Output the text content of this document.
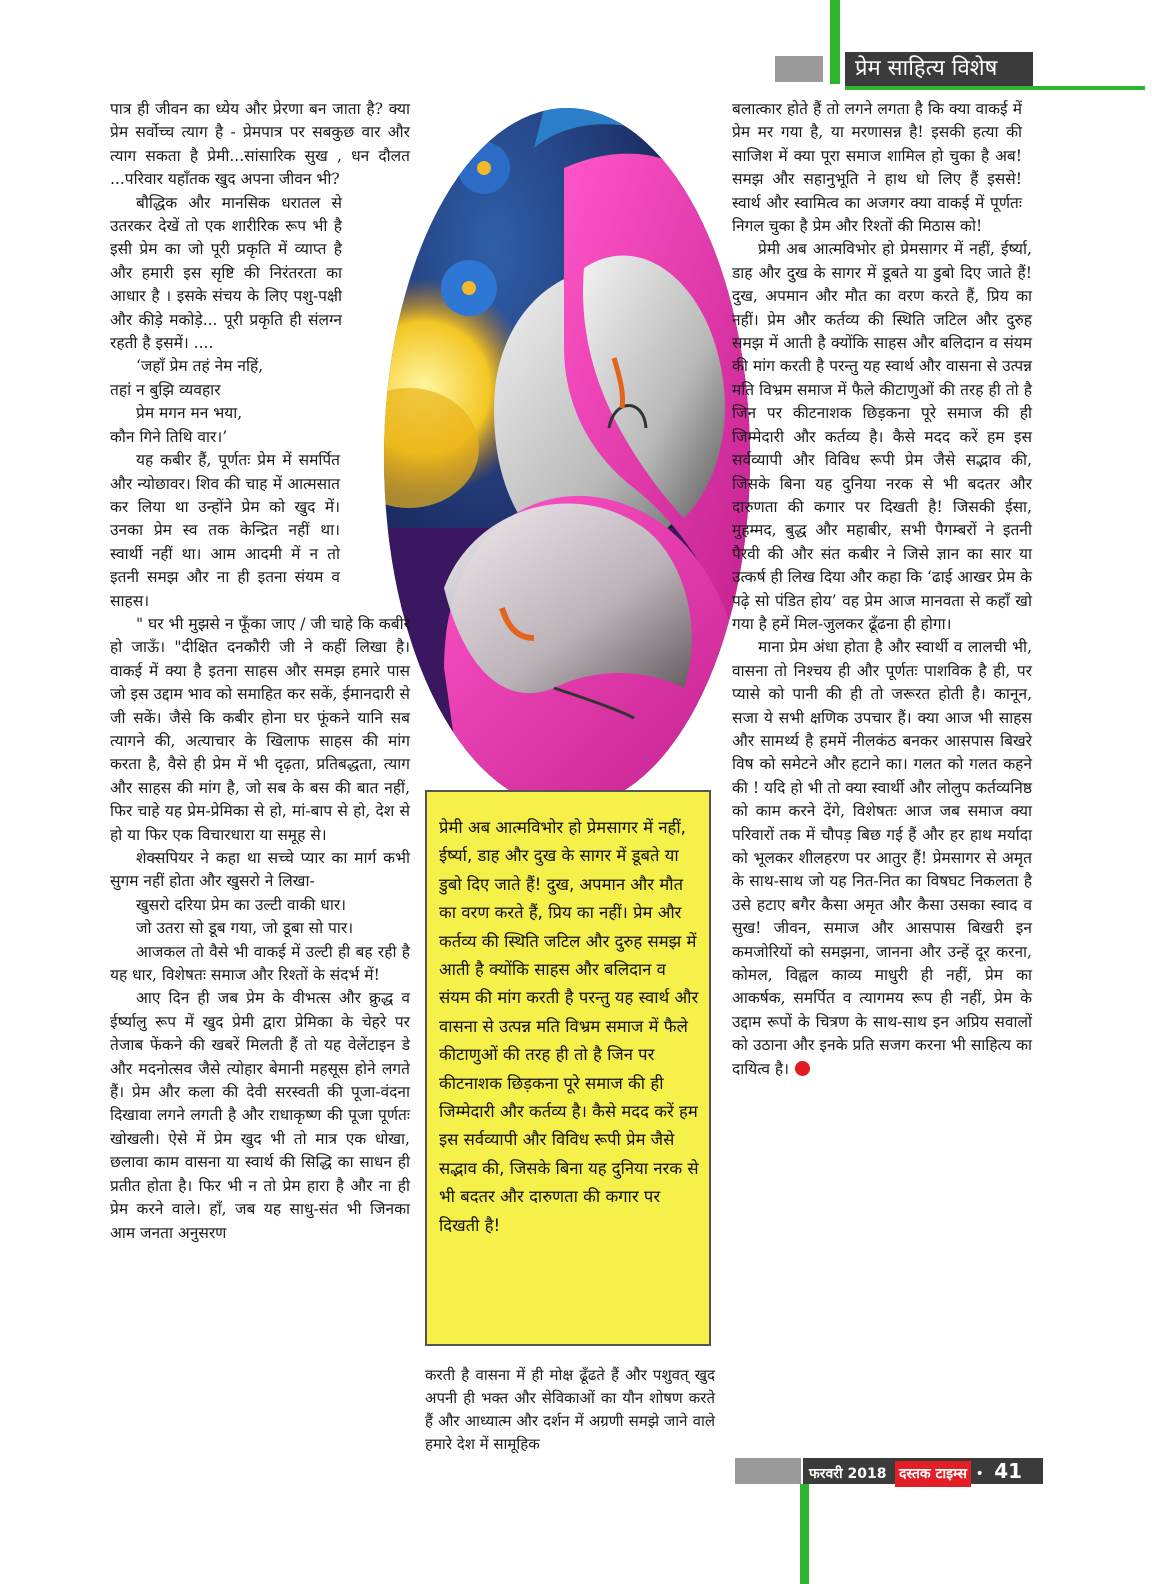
प्रेम साहित्य विशेष

पात्र ही जीवन का ध्येय और प्रेरणा बन जाता है? क्या प्रेम सर्वोच्च त्याग है - प्रेमपात्र पर सबकुछ वार और त्याग सकता है प्रेमी...सांसारिक सुख , धन दौलत ...परिवार यहाँतक खुद अपना जीवन भी?

बौद्धिक और मानसिक धरातल से उतरकर देखें तो एक शारीरिक रूप भी है इसी प्रेम का जो पूरी प्रकृति में व्याप्त है और हमारी इस सृष्टि की निरंतरता का आधार है । इसके संचय के लिए पशु-पक्षी और कीड़े मकोड़े... पूरी प्रकृति ही संलग्न रहती है इसमें। ....

‘जहाँ प्रेम तहं नेम नहिं,

तहां न बुझि व्यवहार

प्रेम मगन मन भया,

कौन गिने तिथि वार।’

यह कबीर हैं, पूर्णतः प्रेम में समर्पित और न्योछावर। शिव की चाह में आत्मसात कर लिया था उन्होंने प्रेम को खुद में। उनका प्रेम स्व तक केन्द्रित नहीं था। स्वार्थी नहीं था। आम आदमी में न तो इतनी समझ और ना ही इतना संयम व साहस।

" घर भी मुझसे न फूँका जाए / जी चाहे कि कबीर हो जाऊँ। "दीक्षित दनकौरी जी ने कहीं लिखा है। वाकई में क्या है इतना साहस और समझ हमारे पास जो इस उद्दाम भाव को समाहित कर सकें, ईमानदारी से जी सकें। जैसे कि कबीर होना घर फूंकने यानि सब त्यागने की, अत्याचार के खिलाफ साहस की मांग करता है, वैसे ही प्रेम में भी दृढ़ता, प्रतिबद्धता, त्याग और साहस की मांग है, जो सब के बस की बात नहीं, फिर चाहे यह प्रेम-प्रेमिका से हो, मां-बाप से हो, देश से हो या फिर एक विचारधारा या समूह से।

शेक्सपियर ने कहा था सच्चे प्यार का मार्ग कभी सुगम नहीं होता और खुसरो ने लिखा-

खुसरो दरिया प्रेम का उल्टी वाकी धार।

जो उतरा सो डूब गया, जो डूबा सो पार।

आजकल तो वैसे भी वाकई में उल्टी ही बह रही है यह धार, विशेषतः समाज और रिश्तों के संदर्भ में!

आए दिन ही जब प्रेम के वीभत्स और क्रुद्ध व ईर्ष्यालु रूप में खुद प्रेमी द्वारा प्रेमिका के चेहरे पर तेजाब फेंकने की खबरें मिलती हैं तो यह वेलेंटाइन डे और मदनोत्सव जैसे त्योहार बेमानी महसूस होने लगते हैं। प्रेम और कला की देवी सरस्वती की पूजा-वंदना दिखावा लगने लगती है और राधाकृष्ण की पूजा पूर्णतः खोखली। ऐसे में प्रेम खुद भी तो मात्र एक धोखा, छलावा काम वासना या स्वार्थ की सिद्धि का साधन ही प्रतीत होता है। फिर भी न तो प्रेम हारा है और ना ही प्रेम करने वाले। हाँ, जब यह साधु-संत भी जिनका आम जनता अनुसरण

प्रेमी अब आत्मविभोर हो प्रेमसागर में नहीं, ईर्ष्या, डाह और दुख के सागर में डूबते या डुबो दिए जाते हैं! दुख, अपमान और मौत का वरण करते हैं, प्रिय का नहीं। प्रेम और कर्तव्य की स्थिति जटिल और दुरुह समझ में आती है क्योंकि साहस और बलिदान व संयम की मांग करती है परन्तु यह स्वार्थ और वासना से उत्पन्न मति विभ्रम समाज में फैले कीटाणुओं की तरह ही तो है जिन पर कीटनाशक छिड़कना पूरे समाज की ही जिम्मेदारी और कर्तव्य है। कैसे मदद करें हम इस सर्वव्यापी और विविध रूपी प्रेम जैसे सद्भाव की, जिसके बिना यह दुनिया नरक से भी बदतर और दारुणता की कगार पर दिखती है!
करती है वासना में ही मोक्ष ढूँढते हैं और पशुवत् खुद अपनी ही भक्त और सेविकाओं का यौन शोषण करते हैं और आध्यात्म और दर्शन में अग्रणी समझे जाने वाले हमारे देश में सामूहिक

बलात्कार होते हैं तो लगने लगता है कि क्या वाकई में प्रेम मर गया है, या मरणासन्न है! इसकी हत्या की साजिश में क्या पूरा समाज शामिल हो चुका है अब! समझ और सहानुभूति ने हाथ धो लिए हैं इससे! स्वार्थ और स्वामित्व का अजगर क्या वाकई में पूर्णतः निगल चुका है प्रेम और रिश्तों की मिठास को!

प्रेमी अब आत्मविभोर हो प्रेमसागर में नहीं, ईर्ष्या, डाह और दुख के सागर में डूबते या डुबो दिए जाते हैं! दुख, अपमान और मौत का वरण करते हैं, प्रिय का नहीं। प्रेम और कर्तव्य की स्थिति जटिल और दुरुह समझ में आती है क्योंकि साहस और बलिदान व संयम की मांग करती है परन्तु यह स्वार्थ और वासना से उत्पन्न मति विभ्रम समाज में फैले कीटाणुओं की तरह ही तो है जिन पर कीटनाशक छिड़कना पूरे समाज की ही जिम्मेदारी और कर्तव्य है। कैसे मदद करें हम इस सर्वव्यापी और विविध रूपी प्रेम जैसे सद्भाव की, जिसके बिना यह दुनिया नरक से भी बदतर और दारुणता की कगार पर दिखती है! जिसकी ईसा, मुहम्मद, बुद्ध और महाबीर, सभी पैगम्बरों ने इतनी पैरवी की और संत कबीर ने जिसे ज्ञान का सार या उत्कर्ष ही लिख दिया और कहा कि ‘ढाई आखर प्रेम के पढ़े सो पंडित होय’ वह प्रेम आज मानवता से कहाँ खो गया है हमें मिल-जुलकर ढूँढना ही होगा।

माना प्रेम अंधा होता है और स्वार्थी व लालची भी, वासना तो निश्चय ही और पूर्णतः पाशविक है ही, पर प्यासे को पानी की ही तो जरूरत होती है। कानून, सजा ये सभी क्षणिक उपचार हैं। क्या आज भी साहस और सामर्थ्य है हममें नीलकंठ बनकर आसपास बिखरे विष को समेटने और हटाने का। गलत को गलत कहने की ! यदि हो भी तो क्या स्वार्थी और लोलुप कर्तव्यनिष्ठ को काम करने देंगे, विशेषतः आज जब समाज क्या परिवारों तक में चौपड़ बिछ गई हैं और हर हाथ मर्यादा को भूलकर शीलहरण पर आतुर हैं! प्रेमसागर से अमृत के साथ-साथ जो यह नित-नित का विषघट निकलता है उसे हटाए बगैर कैसा अमृत और कैसा उसका स्वाद व सुख! जीवन, समाज और आसपास बिखरी इन कमजोरियों को समझना, जानना और उन्हें दूर करना, कोमल, विह्वल काव्य माधुरी ही नहीं, प्रेम का आकर्षक, समर्पित व त्यागमय रूप ही नहीं, प्रेम के उद्दाम रूपों के चित्रण के साथ-साथ इन अप्रिय सवालों को उठाना और इनके प्रति सजग करना भी साहित्य का दायित्व है।

फरवरी 2018 दस्तक टाइम्स • 41
